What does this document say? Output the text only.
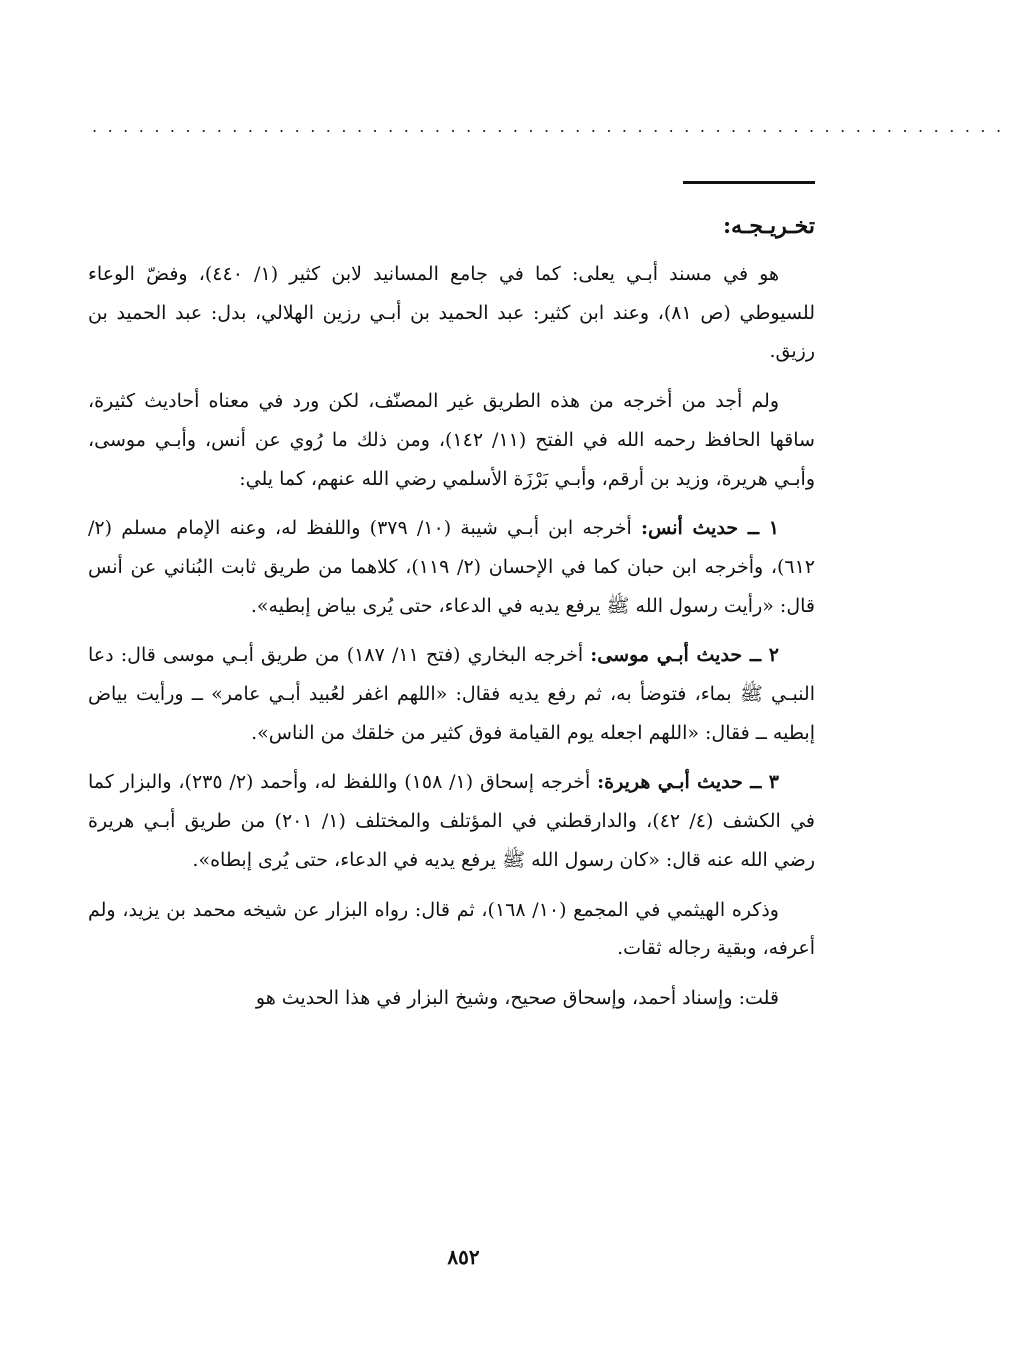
...........................................................

تخـريـجـه:

هو في مسند أبـي يعلى: كما في جامع المسانيد لابن كثير (١/ ٤٤٠)، وفضّ الوعاء للسيوطي (ص ٨١)، وعند ابن كثير: عبد الحميد بن أبـي رزين الهلالي، بدل: عبد الحميد بن رزيق.

ولم أجد من أخرجه من هذه الطريق غير المصنّف، لكن ورد في معناه أحاديث كثيرة، ساقها الحافظ رحمه الله في الفتح (١١/ ١٤٢)، ومن ذلك ما رُوي عن أنس، وأبـي موسى، وأبـي هريرة، وزيد بن أرقم، وأبـي بَرْزَة الأسلمي رضي الله عنهم، كما يلي:

١ ــ حديث أنس: أخرجه ابن أبـي شيبة (١٠/ ٣٧٩) واللفظ له، وعنه الإمام مسلم (٢/ ٦١٢)، وأخرجه ابن حبان كما في الإحسان (٢/ ١١٩)، كلاهما من طريق ثابت البُناني عن أنس قال: «رأيت رسول الله ﷺ يرفع يديه في الدعاء، حتى يُرى بياض إبطيه».

٢ ــ حديث أبـي موسى: أخرجه البخاري (فتح ١١/ ١٨٧) من طريق أبـي موسى قال: دعا النبـي ﷺ بماء، فتوضأ به، ثم رفع يديه فقال: «اللهم اغفر لعُبيد أبـي عامر» ــ ورأيت بياض إبطيه ــ فقال: «اللهم اجعله يوم القيامة فوق كثير من خلقك من الناس».

٣ ــ حديث أبـي هريرة: أخرجه إسحاق (١/ ١٥٨) واللفظ له، وأحمد (٢/ ٢٣٥)، والبزار كما في الكشف (٤/ ٤٢)، والدارقطني في المؤتلف والمختلف (١/ ٢٠١) من طريق أبـي هريرة رضي الله عنه قال: «كان رسول الله ﷺ يرفع يديه في الدعاء، حتى يُرى إبطاه».

وذكره الهيثمي في المجمع (١٠/ ١٦٨)، ثم قال: رواه البزار عن شيخه محمد بن يزيد، ولم أعرفه، وبقية رجاله ثقات.

قلت: وإسناد أحمد، وإسحاق صحيح، وشيخ البزار في هذا الحديث هو

٨٥٢
